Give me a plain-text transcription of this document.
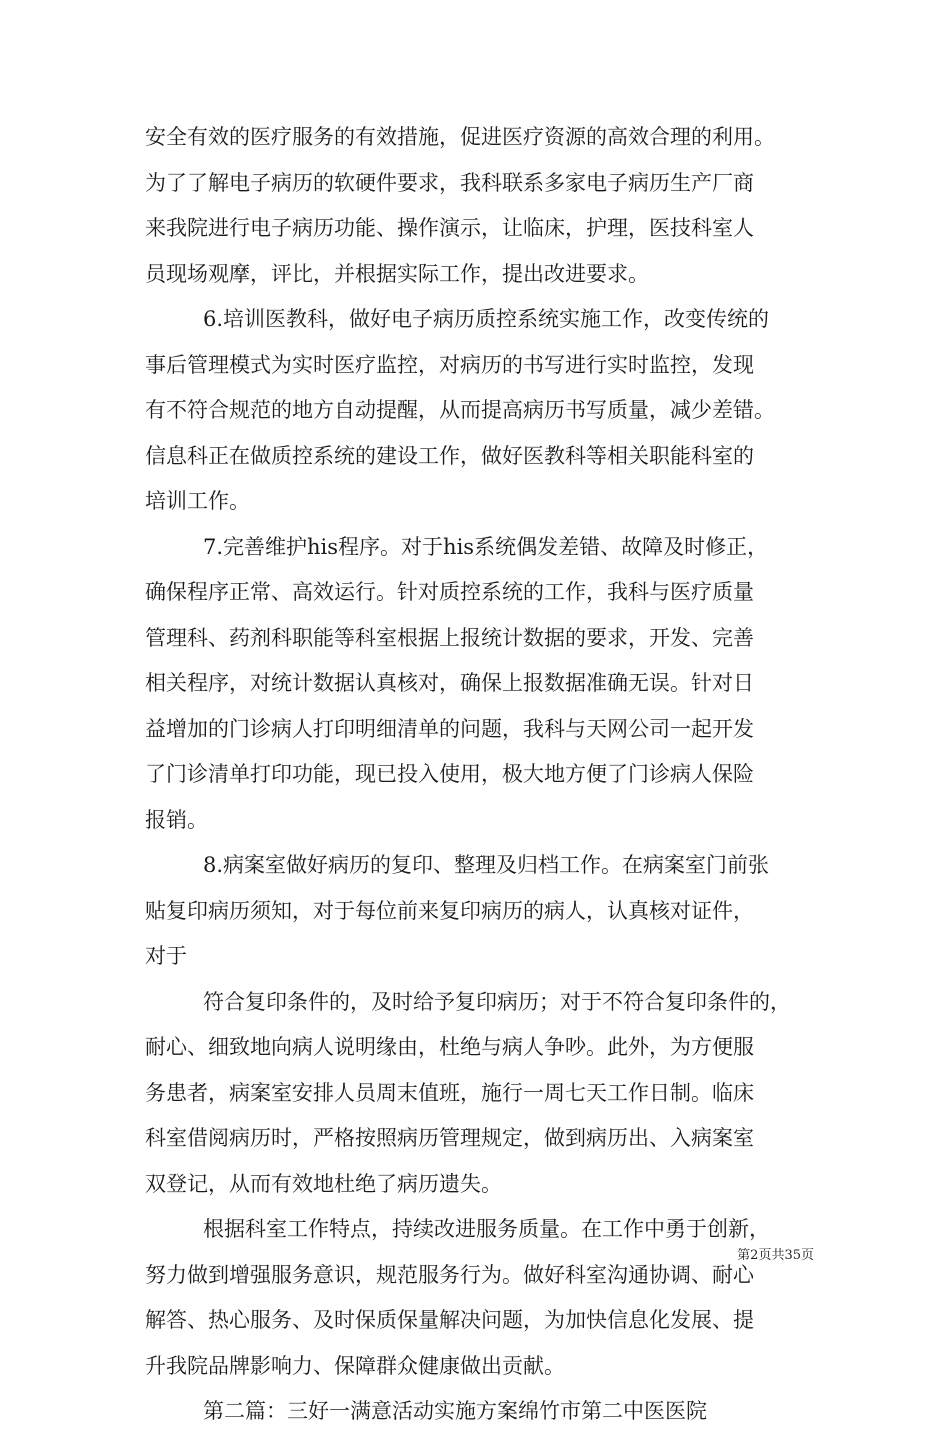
安全有效的医疗服务的有效措施，促进医疗资源的高效合理的利用。
为了了解电子病历的软硬件要求，我科联系多家电子病历生产厂商
来我院进行电子病历功能、操作演示，让临床，护理，医技科室人
员现场观摩，评比，并根据实际工作，提出改进要求。
6.培训医教科，做好电子病历质控系统实施工作，改变传统的
事后管理模式为实时医疗监控，对病历的书写进行实时监控，发现
有不符合规范的地方自动提醒，从而提高病历书写质量，减少差错。
信息科正在做质控系统的建设工作，做好医教科等相关职能科室的
培训工作。
7.完善维护his程序。对于his系统偶发差错、故障及时修正，
确保程序正常、高效运行。针对质控系统的工作，我科与医疗质量
管理科、药剂科职能等科室根据上报统计数据的要求，开发、完善
相关程序，对统计数据认真核对，确保上报数据准确无误。针对日
益增加的门诊病人打印明细清单的问题，我科与天网公司一起开发
了门诊清单打印功能，现已投入使用，极大地方便了门诊病人保险
报销。
8.病案室做好病历的复印、整理及归档工作。在病案室门前张
贴复印病历须知，对于每位前来复印病历的病人，认真核对证件，
对于
符合复印条件的，及时给予复印病历；对于不符合复印条件的，
耐心、细致地向病人说明缘由，杜绝与病人争吵。此外，为方便服
务患者，病案室安排人员周末值班，施行一周七天工作日制。临床
科室借阅病历时，严格按照病历管理规定，做到病历出、入病案室
双登记，从而有效地杜绝了病历遗失。
根据科室工作特点，持续改进服务质量。在工作中勇于创新，
努力做到增强服务意识，规范服务行为。做好科室沟通协调、耐心
解答、热心服务、及时保质保量解决问题，为加快信息化发展、提
升我院品牌影响力、保障群众健康做出贡献。
第二篇：三好一满意活动实施方案绵竹市第二中医医院
第2页共35页
